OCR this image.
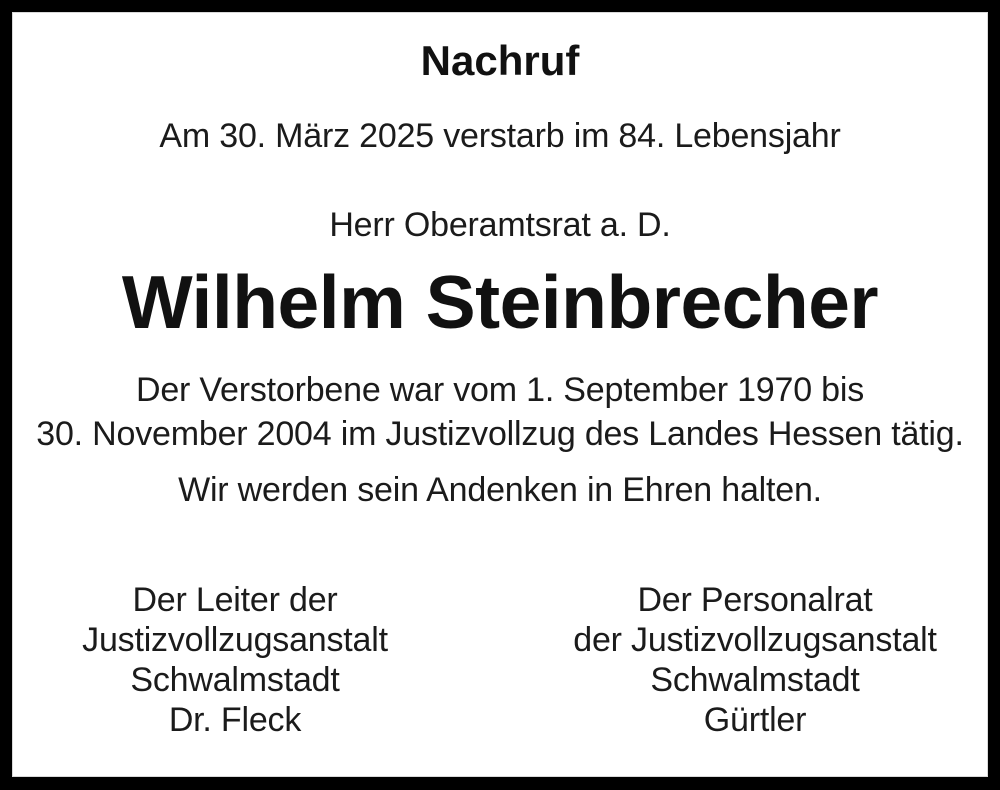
Nachruf

Am 30. März 2025 verstarb im 84. Lebensjahr

Herr Oberamtsrat a. D.

Wilhelm Steinbrecher

Der Verstorbene war vom 1. September 1970 bis
30. November 2004 im Justizvollzug des Landes Hessen tätig.

Wir werden sein Andenken in Ehren halten.

Der Leiter der
Justizvollzugsanstalt
Schwalmstadt
Dr. Fleck
Der Personalrat
der Justizvollzugsanstalt
Schwalmstadt
Gürtler
